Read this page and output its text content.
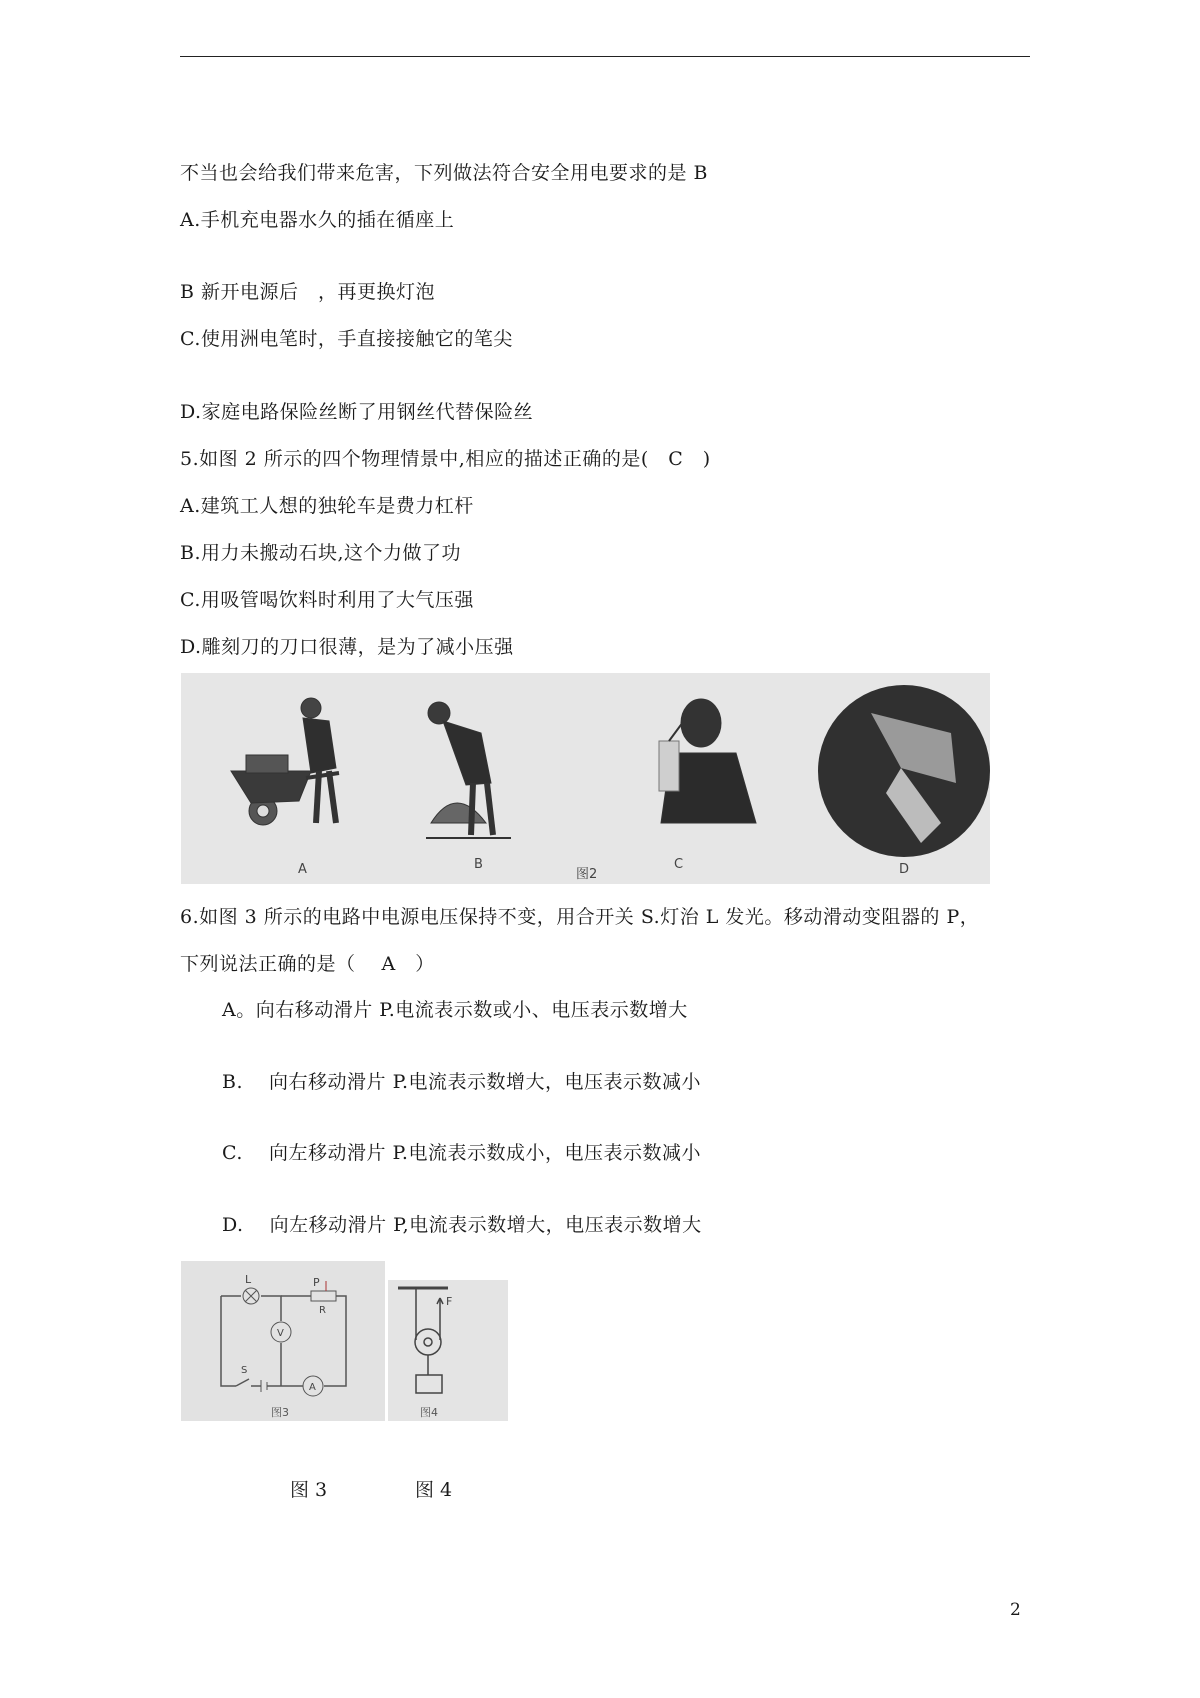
不当也会给我们带来危害，下列做法符合安全用电要求的是 B
A.手机充电器水久的插在循座上
B 新开电源后　，再更换灯泡
C.使用洲电笔时，手直接接触它的笔尖
D.家庭电路保险丝断了用钢丝代替保险丝
5.如图 2 所示的四个物理情景中,相应的描述正确的是(　C　)
A.建筑工人想的独轮车是费力杠杆
B.用力未搬动石块,这个力做了功
C.用吸管喝饮料时利用了大气压强
D.雕刻刀的刀口很薄，是为了减小压强
A	B	C	D
图2
6.如图 3 所示的电路中电源电压保持不变，用合开关 S.灯治 L 发光。移动滑动变阻器的 P，
下列说法正确的是（　 A　）
A。向右移动滑片 P.电流表示数或小、电压表示数增大
B.　 向右移动滑片 P.电流表示数增大，电压表示数减小
C.　 向左移动滑片 P.电流表示数成小，电压表示数减小
D.　 向左移动滑片 P,电流表示数增大，电压表示数增大
L	P
R
V
S
A
图3
F
图4
图 3	图 4
2
